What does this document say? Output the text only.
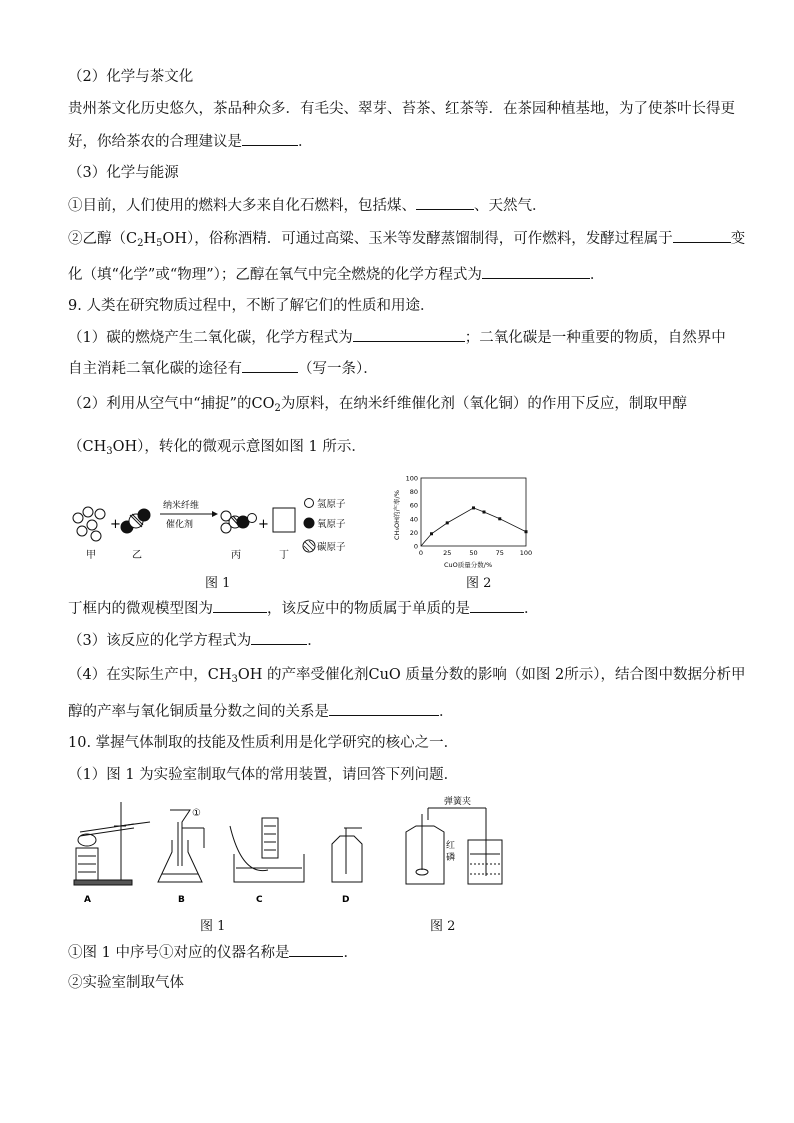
（2）化学与茶文化
贵州茶文化历史悠久，茶品种众多．有毛尖、翠芽、苔茶、红茶等．在茶园种植基地，为了使茶叶长得更
好，你给茶农的合理建议是	．
（3）化学与能源
①目前，人们使用的燃料大多来自化石燃料，包括煤、	、天然气．
②乙醇$(C_2H_5OH)$，俗称酒精．可通过高粱、玉米等发酵蒸馏制得，可作燃料，发酵过程属于	变
化（填“化学”或“物理”）；乙醇在氧气中完全燃烧的化学方程式为	．
9. 人类在研究物质过程中，不断了解它们的性质和用途．
（1）碳的燃烧产生二氧化碳，化学方程式为	；二氧化碳是一种重要的物质，自然界中
自主消耗二氧化碳的途径有	（写一条）．
（2）利用从空气中“捕捉”的$CO_2$为原料，在纳米纤维催化剂（氧化铜）的作用下反应，制取甲醇
$(CH_3OH)$，转化的微观示意图如图 1 所示．
+
纳米纤维
催化剂	+
氢原子
氧原子
碳原子
甲	乙	丙	丁
图 1
CH₃OH的产率/%
CuO质量分数/%
0
20
40
60
80
100
0	25	50	75 100
图 2
丁框内的微观模型图为	，该反应中的物质属于单质的是	．
（3）该反应的化学方程式为	．
（4）在实际生产中，$CH_3OH$ 的产率受催化剂CuO 质量分数的影响（如图 2所示），结合图中数据分析甲
醇的产率与氧化铜质量分数之间的关系是	．
10. 掌握气体制取的技能及性质利用是化学研究的核心之一．
（1）图 1 为实验室制取气体的常用装置，请回答下列问题．
①
A	B	C	D
弹簧夹
红
磷
图 1	图 2
①图 1 中序号①对应的仪器名称是	．
②实验室制取气体
